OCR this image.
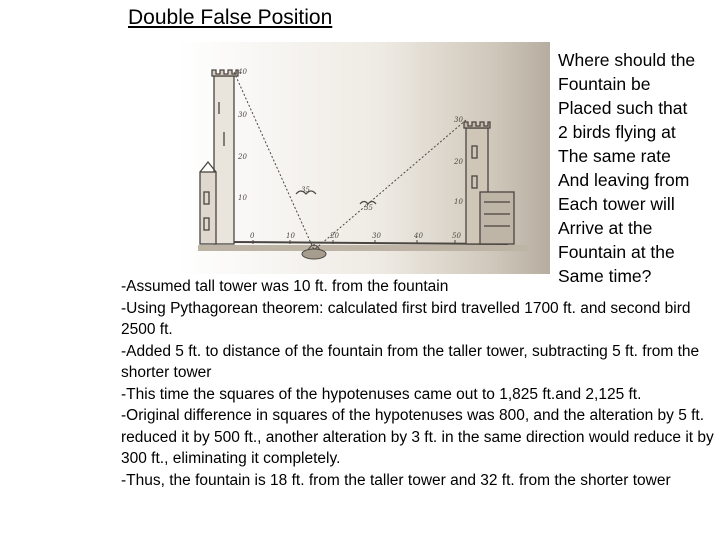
Double False Position
40
30
20
10
30
20
10
35
35
0	10	20	30	40	50
Where should the
Fountain be
Placed such that
2 birds flying at
The same rate
And leaving from
Each tower will
Arrive at the
Fountain at the
Same time?
-Assumed tall tower was 10 ft. from the fountain
-Using Pythagorean theorem: calculated first bird travelled 1700 ft. and second bird 2500 ft.
-Added 5 ft. to distance of the fountain from the taller tower, subtracting 5 ft. from the shorter tower
-This time the squares of the hypotenuses came out to 1,825 ft.and 2,125 ft.
-Original difference in squares of the hypotenuses was 800, and the alteration by 5 ft. reduced it by 500 ft., another alteration by 3 ft. in the same direction would reduce it by 300 ft., eliminating it completely.
-Thus, the fountain is 18 ft. from the taller tower and 32 ft. from the shorter tower
